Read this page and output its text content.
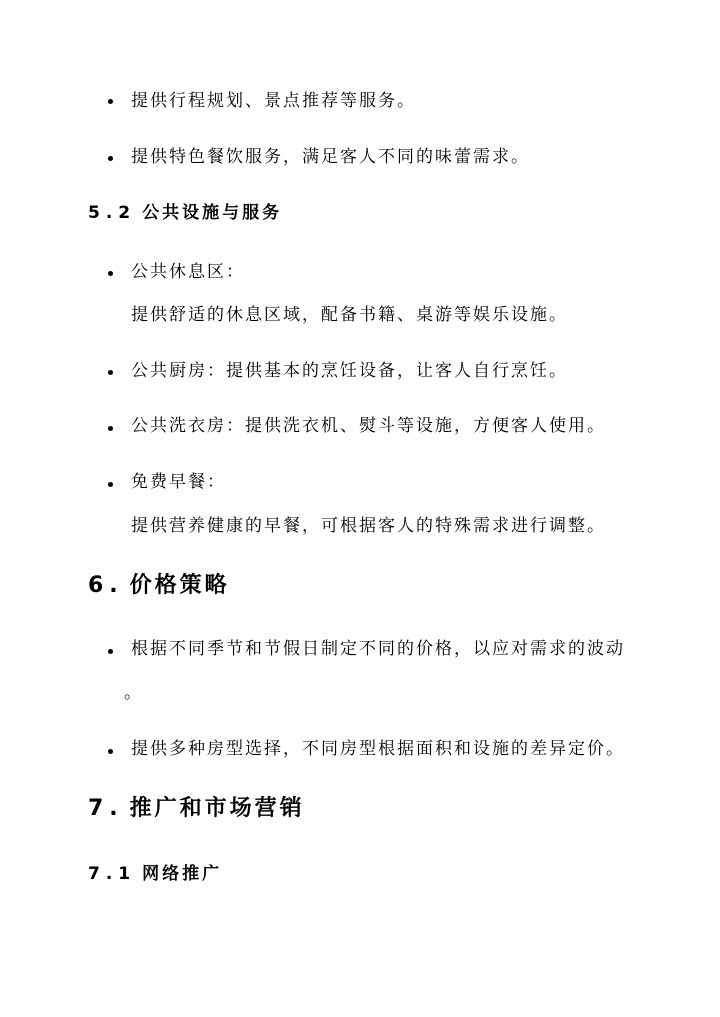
提供行程规划、景点推荐等服务。
提供特色餐饮服务，满足客人不同的味蕾需求。
5.2 公共设施与服务
公共休息区：
提供舒适的休息区域，配备书籍、桌游等娱乐设施。
公共厨房：提供基本的烹饪设备，让客人自行烹饪。
公共洗衣房：提供洗衣机、熨斗等设施，方便客人使用。
免费早餐：
提供营养健康的早餐，可根据客人的特殊需求进行调整。
6. 价格策略
根据不同季节和节假日制定不同的价格，以应对需求的波动
。
提供多种房型选择，不同房型根据面积和设施的差异定价。
7. 推广和市场营销
7.1 网络推广
